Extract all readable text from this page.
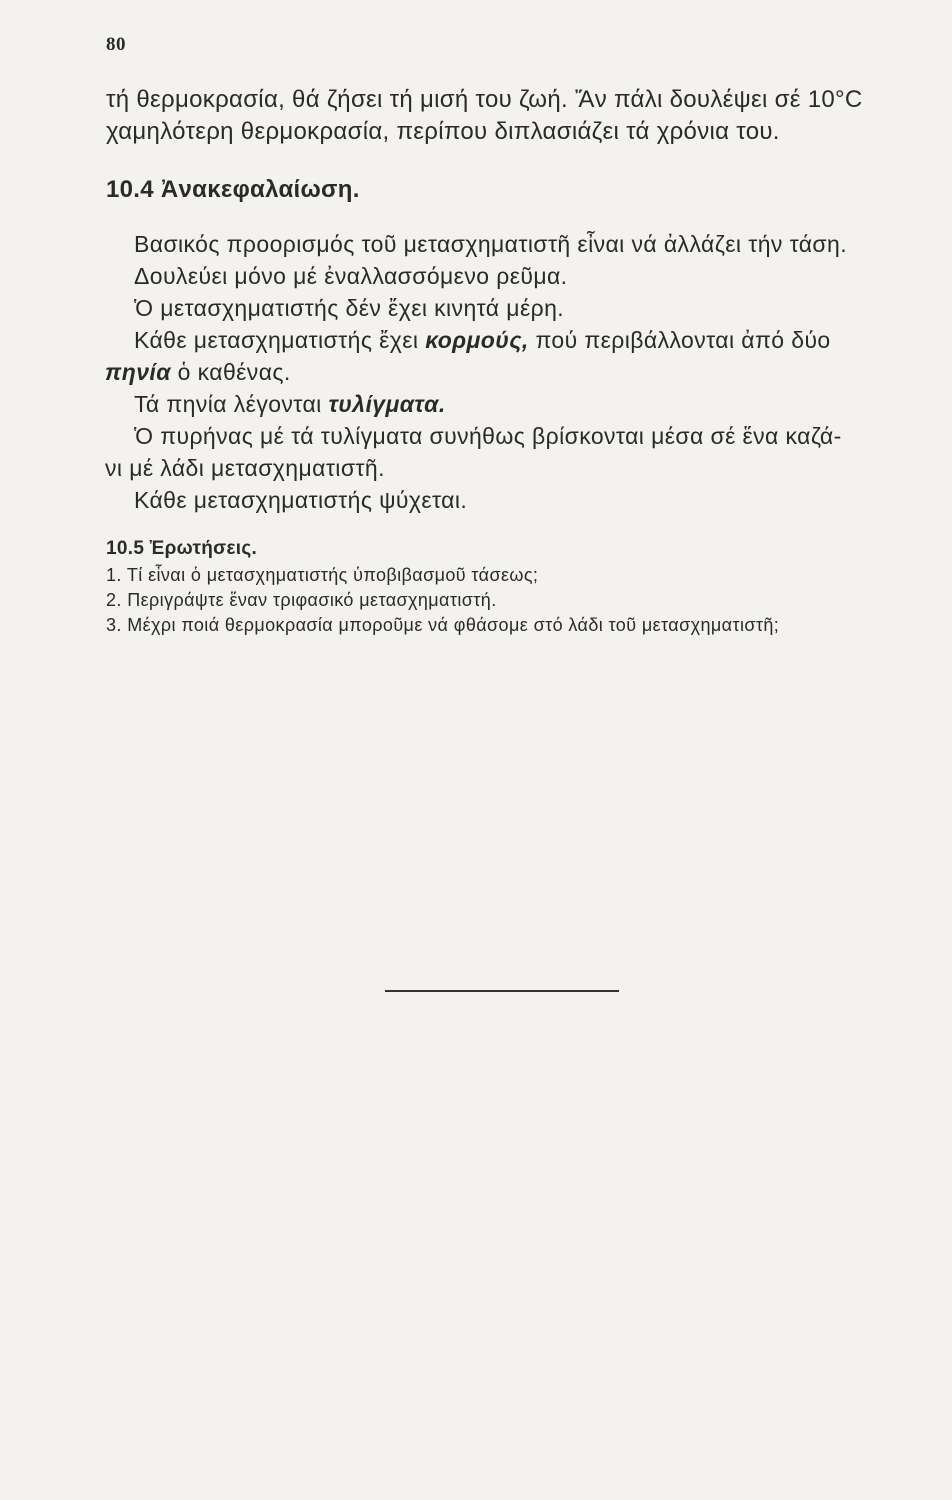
80
τή θερμοκρασία, θά ζήσει τή μισή του ζωή. Ἄν πάλι δουλέψει σέ 10°C
χαμηλότερη θερμοκρασία, περίπου διπλασιάζει τά χρόνια του.
10.4 Ἀνακεφαλαίωση.
Βασικός προορισμός τοῦ μετασχηματιστῆ εἶναι νά ἀλλάζει τήν τάση.
Δουλεύει μόνο μέ ἐναλλασσόμενο ρεῦμα.
Ὁ μετασχηματιστής δέν ἔχει κινητά μέρη.
Κάθε μετασχηματιστής ἔχει κορμούς, πού περιβάλλονται ἀπό δύο
πηνία ὁ καθένας.
Τά πηνία λέγονται τυλίγματα.
Ὁ πυρήνας μέ τά τυλίγματα συνήθως βρίσκονται μέσα σέ ἕνα καζά-
νι μέ λάδι μετασχηματιστῆ.
Κάθε μετασχηματιστής ψύχεται.
10.5 Ἐρωτήσεις.
1. Τί εἶναι ὁ μετασχηματιστής ὑποβιβασμοῦ τάσεως;
2. Περιγράψτε ἕναν τριφασικό μετασχηματιστή.
3. Μέχρι ποιά θερμοκρασία μποροῦμε νά φθάσομε στό λάδι τοῦ μετασχηματιστῆ;
